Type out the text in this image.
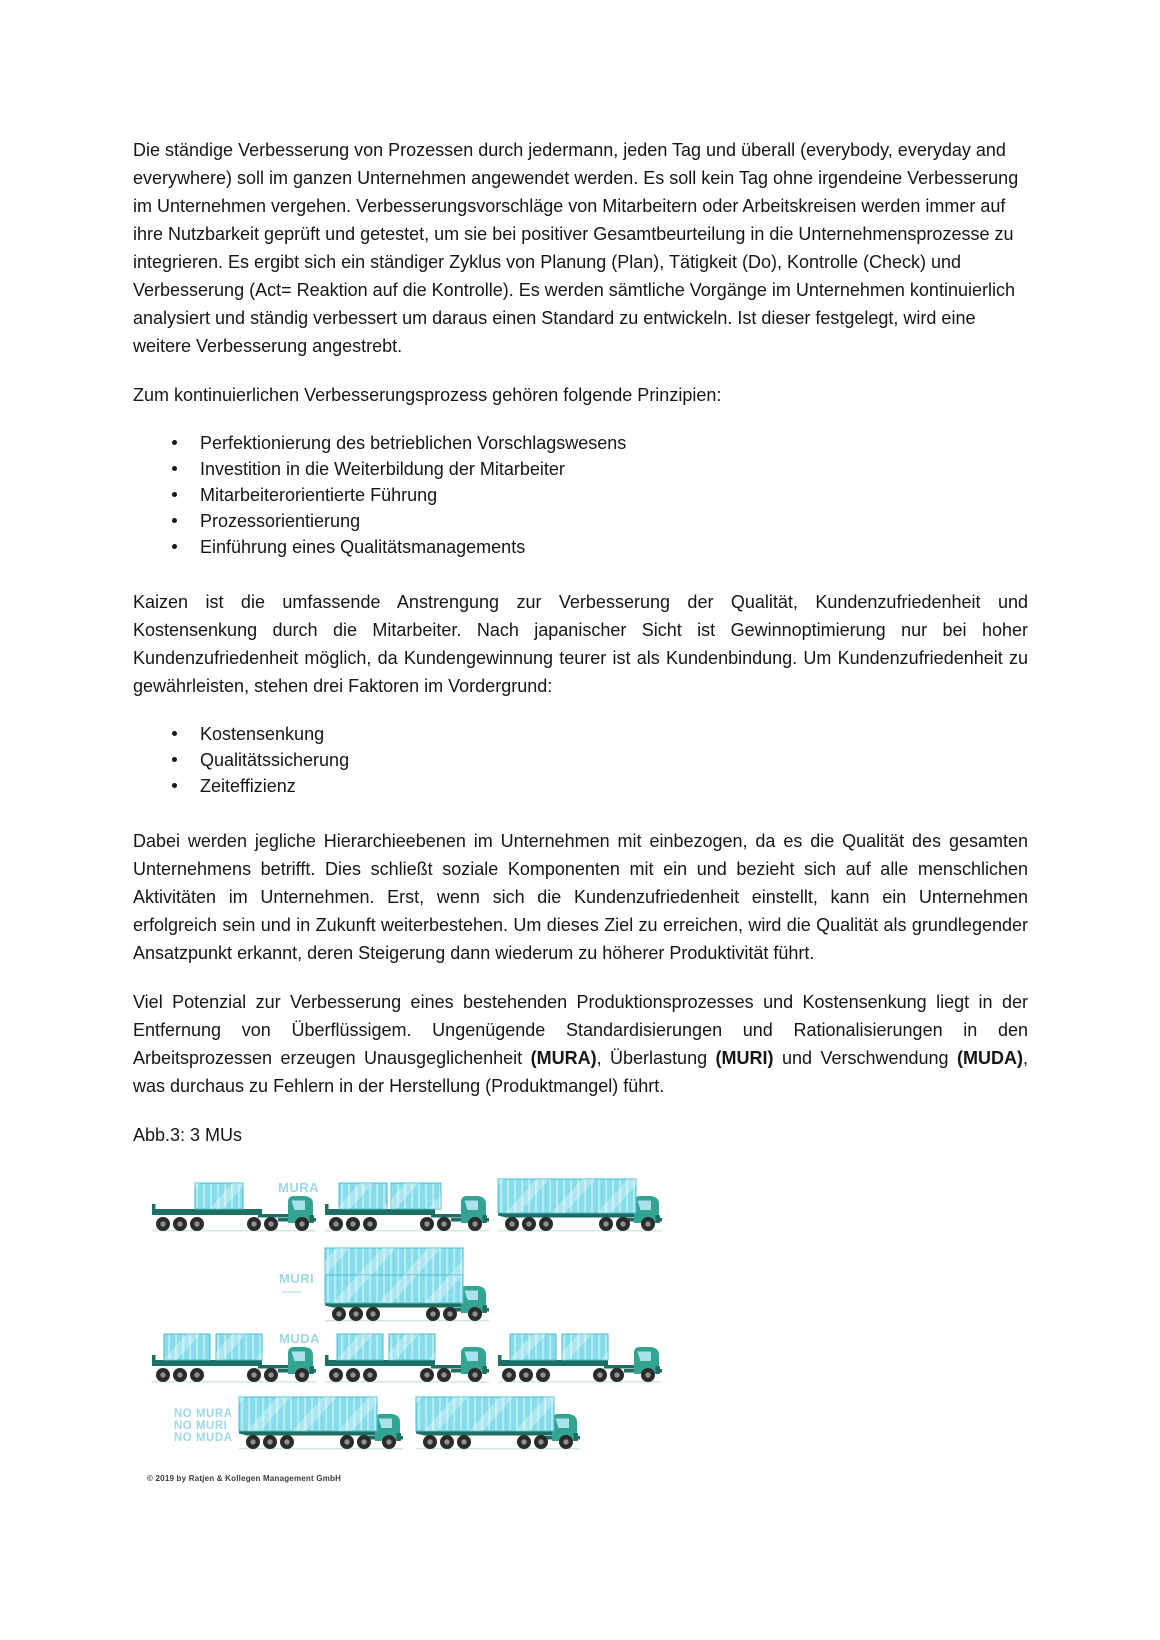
Die ständige Verbesserung von Prozessen durch jedermann, jeden Tag und überall (everybody, everyday and everywhere) soll im ganzen Unternehmen angewendet werden. Es soll kein Tag ohne irgendeine Verbesserung im Unternehmen vergehen. Verbesserungsvorschläge von Mitarbeitern oder Arbeitskreisen werden immer auf ihre Nutzbarkeit geprüft und getestet, um sie bei positiver Gesamtbeurteilung in die Unternehmensprozesse zu integrieren. Es ergibt sich ein ständiger Zyklus von Planung (Plan), Tätigkeit (Do), Kontrolle (Check) und Verbesserung (Act= Reaktion auf die Kontrolle). Es werden sämtliche Vorgänge im Unternehmen kontinuierlich analysiert und ständig verbessert um daraus einen Standard zu entwickeln. Ist dieser festgelegt, wird eine weitere Verbesserung angestrebt.

Zum kontinuierlichen Verbesserungsprozess gehören folgende Prinzipien:

Perfektionierung des betrieblichen Vorschlagswesens
Investition in die Weiterbildung der Mitarbeiter
Mitarbeiterorientierte Führung
Prozessorientierung
Einführung eines Qualitätsmanagements

Kaizen ist die umfassende Anstrengung zur Verbesserung der Qualität, Kundenzufriedenheit und Kostensenkung durch die Mitarbeiter. Nach japanischer Sicht ist Gewinnoptimierung nur bei hoher Kundenzufriedenheit möglich, da Kundengewinnung teurer ist als Kundenbindung. Um Kundenzufriedenheit zu gewährleisten, stehen drei Faktoren im Vordergrund:

Kostensenkung
Qualitätssicherung
Zeiteffizienz

Dabei werden jegliche Hierarchieebenen im Unternehmen mit einbezogen, da es die Qualität des gesamten Unternehmens betrifft. Dies schließt soziale Komponenten mit ein und bezieht sich auf alle menschlichen Aktivitäten im Unternehmen. Erst, wenn sich die Kundenzufriedenheit einstellt, kann ein Unternehmen erfolgreich sein und in Zukunft weiterbestehen. Um dieses Ziel zu erreichen, wird die Qualität als grundlegender Ansatzpunkt erkannt, deren Steigerung dann wiederum zu höherer Produktivität führt.

Viel Potenzial zur Verbesserung eines bestehenden Produktionsprozesses und Kostensenkung liegt in der Entfernung von Überflüssigem. Ungenügende Standardisierungen und Rationalisierungen in den Arbeitsprozessen erzeugen Unausgeglichenheit (MURA), Überlastung (MURI) und Verschwendung (MUDA), was durchaus zu Fehlern in der Herstellung (Produktmangel) führt.

Abb.3: 3 MUs

MURA
MURI
MUDA
NO MURA
NO MURI
NO MUDA
© 2019 by Ratjen & Kollegen Management GmbH
